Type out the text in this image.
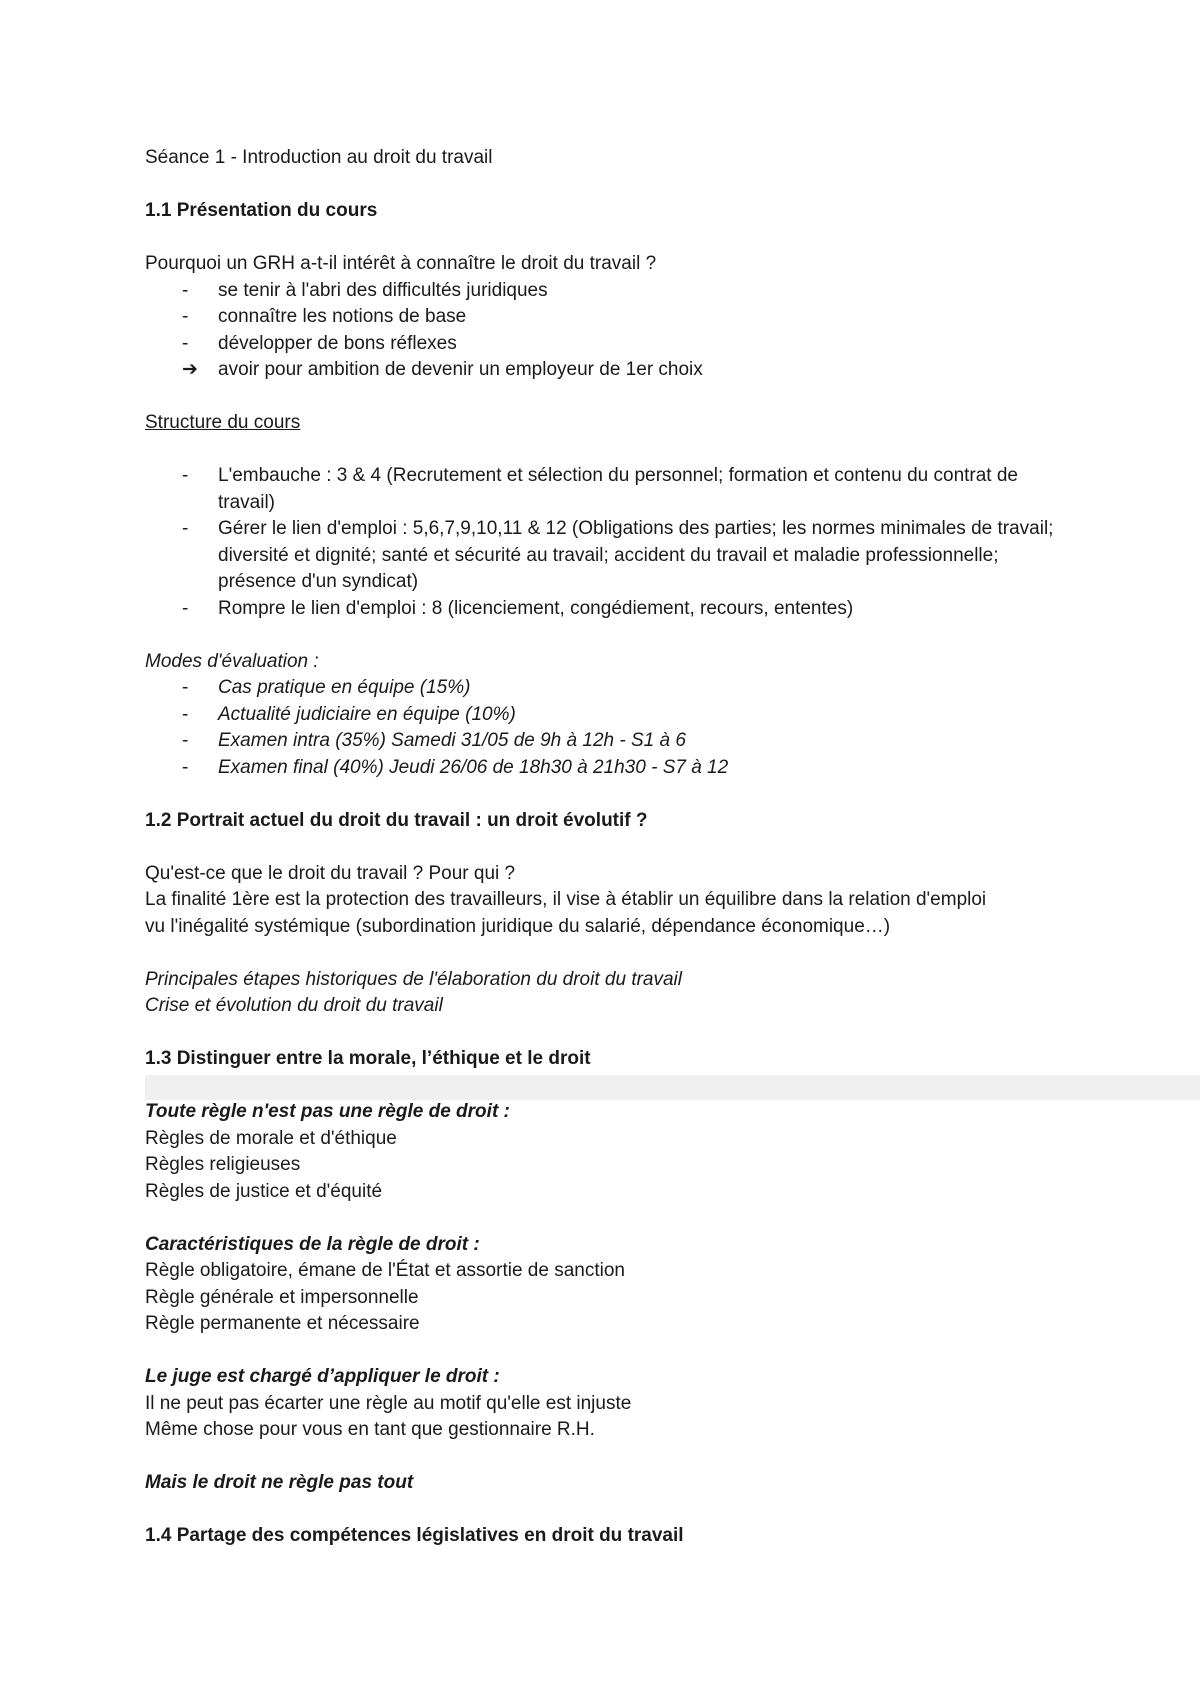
Séance 1 - Introduction au droit du travail
1.1 Présentation du cours
Pourquoi un GRH a-t-il intérêt à connaître le droit du travail ?
-	se tenir à l'abri des difficultés juridiques
-	connaître les notions de base
-	développer de bons réflexes
➔ avoir pour ambition de devenir un employeur de 1er choix
Structure du cours
-	L'embauche : 3 & 4 (Recrutement et sélection du personnel; formation et contenu du contrat de travail)
-	Gérer le lien d'emploi : 5,6,7,9,10,11 & 12 (Obligations des parties; les normes minimales de travail; diversité et dignité; santé et sécurité au travail; accident du travail et maladie professionnelle; présence d'un syndicat)
-	Rompre le lien d'emploi : 8 (licenciement, congédiement, recours, ententes)
Modes d'évaluation :
-	Cas pratique en équipe (15%)
-	Actualité judiciaire en équipe (10%)
-	Examen intra (35%) Samedi 31/05 de 9h à 12h - S1 à 6
-	Examen final (40%) Jeudi 26/06 de 18h30 à 21h30 - S7 à 12
1.2 Portrait actuel du droit du travail : un droit évolutif ?
Qu'est-ce que le droit du travail ? Pour qui ?
La finalité 1ère est la protection des travailleurs, il vise à établir un équilibre dans la relation d'emploi
vu l'inégalité systémique (subordination juridique du salarié, dépendance économique…)
Principales étapes historiques de l'élaboration du droit du travail
Crise et évolution du droit du travail
1.3 Distinguer entre la morale, l’éthique et le droit
Toute règle n'est pas une règle de droit :
Règles de morale et d'éthique
Règles religieuses
Règles de justice et d'équité
Caractéristiques de la règle de droit :
Règle obligatoire, émane de l'État et assortie de sanction
Règle générale et impersonnelle
Règle permanente et nécessaire
Le juge est chargé d’appliquer le droit :
Il ne peut pas écarter une règle au motif qu'elle est injuste
Même chose pour vous en tant que gestionnaire R.H.
Mais le droit ne règle pas tout
1.4 Partage des compétences législatives en droit du travail
